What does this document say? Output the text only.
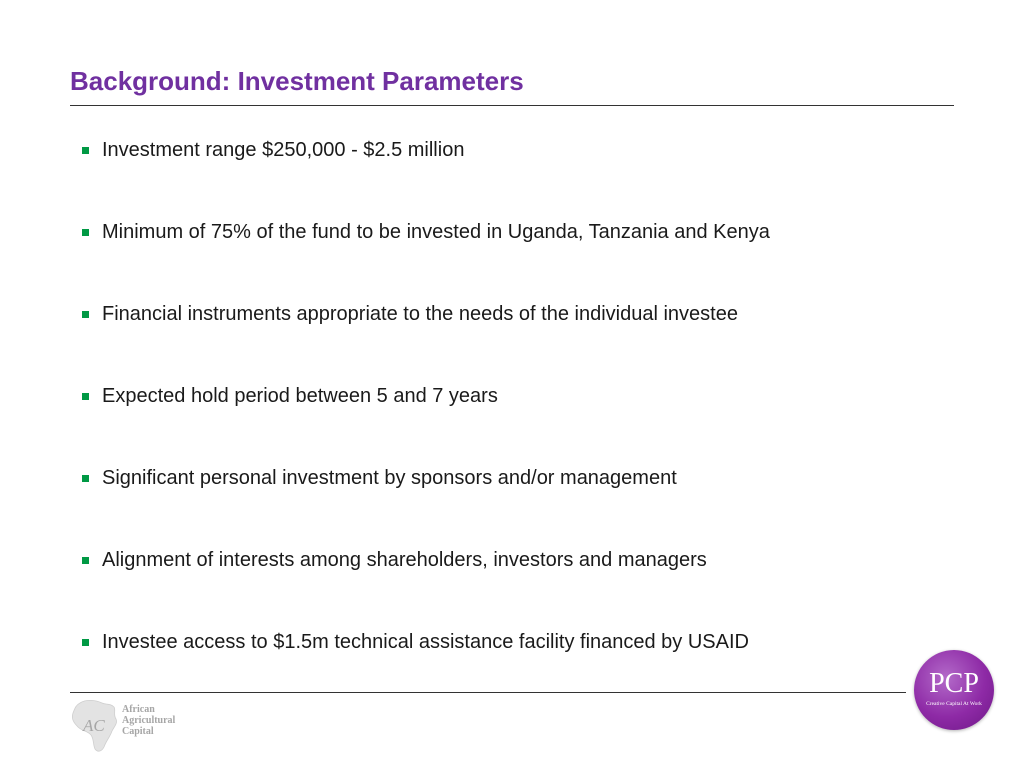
Background: Investment Parameters
Investment range $250,000 - $2.5 million
Minimum of 75% of the fund to be invested in Uganda, Tanzania and Kenya
Financial instruments appropriate to the needs of the individual investee
Expected hold period between 5 and 7 years
Significant personal investment by sponsors and/or management
Alignment of interests among shareholders, investors and managers
Investee access to $1.5m technical assistance facility financed by USAID
AC
African
Agricultural
Capital
PCP
Creative Capital At Work
